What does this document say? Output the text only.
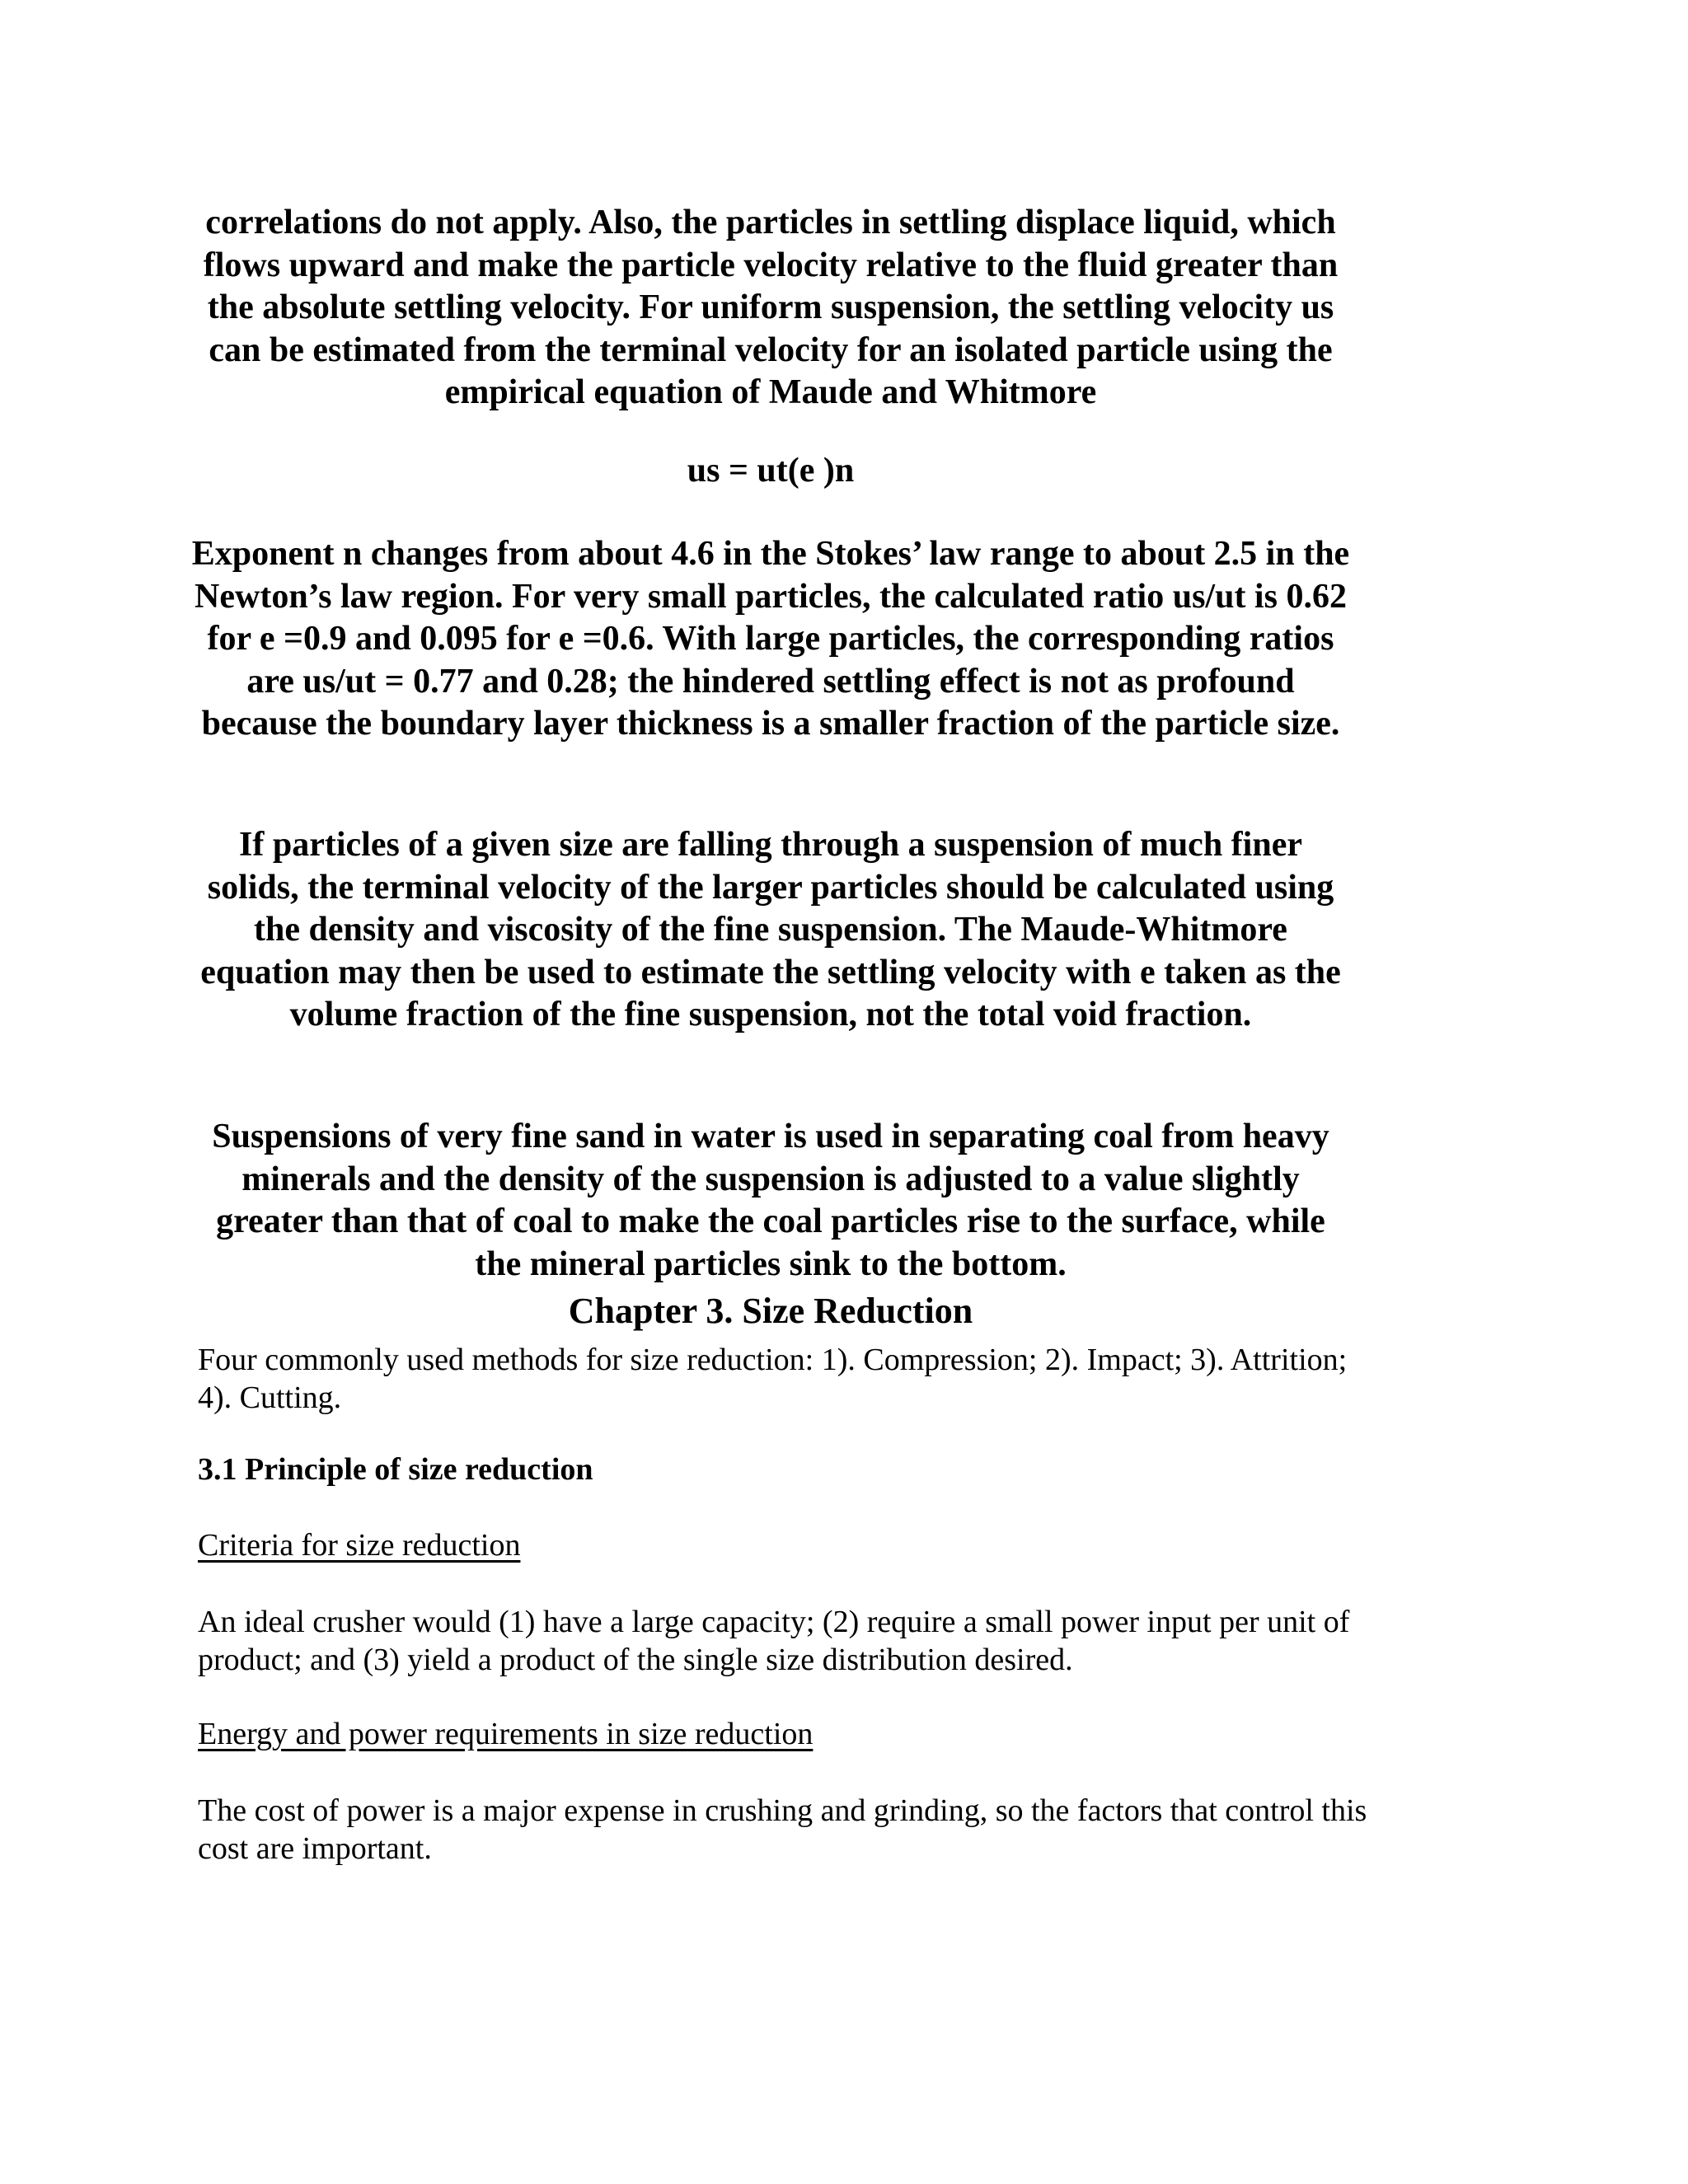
correlations do not apply. Also, the particles in settling displace liquid, which flows upward and make the particle velocity relative to the fluid greater than the absolute settling velocity. For uniform suspension, the settling velocity us can be estimated from the terminal velocity for an isolated particle using the empirical equation of Maude and Whitmore

us = ut(e )n

Exponent n changes from about 4.6 in the Stokes’ law range to about 2.5 in the Newton’s law region. For very small particles, the calculated ratio us/ut is 0.62 for e =0.9 and 0.095 for e =0.6. With large particles, the corresponding ratios are us/ut = 0.77 and 0.28; the hindered settling effect is not as profound because the boundary layer thickness is a smaller fraction of the particle size.

If particles of a given size are falling through a suspension of much finer solids, the terminal velocity of the larger particles should be calculated using the density and viscosity of the fine suspension. The Maude-Whitmore equation may then be used to estimate the settling velocity with e taken as the volume fraction of the fine suspension, not the total void fraction.

Suspensions of very fine sand in water is used in separating coal from heavy minerals and the density of the suspension is adjusted to a value slightly greater than that of coal to make the coal particles rise to the surface, while the mineral particles sink to the bottom.

Chapter 3. Size Reduction

Four commonly used methods for size reduction: 1). Compression; 2). Impact; 3). Attrition; 4). Cutting.

3.1 Principle of size reduction

Criteria for size reduction

An ideal crusher would (1) have a large capacity; (2) require a small power input per unit of product; and (3) yield a product of the single size distribution desired.

Energy and power requirements in size reduction

The cost of power is a major expense in crushing and grinding, so the factors that control this cost are important.
